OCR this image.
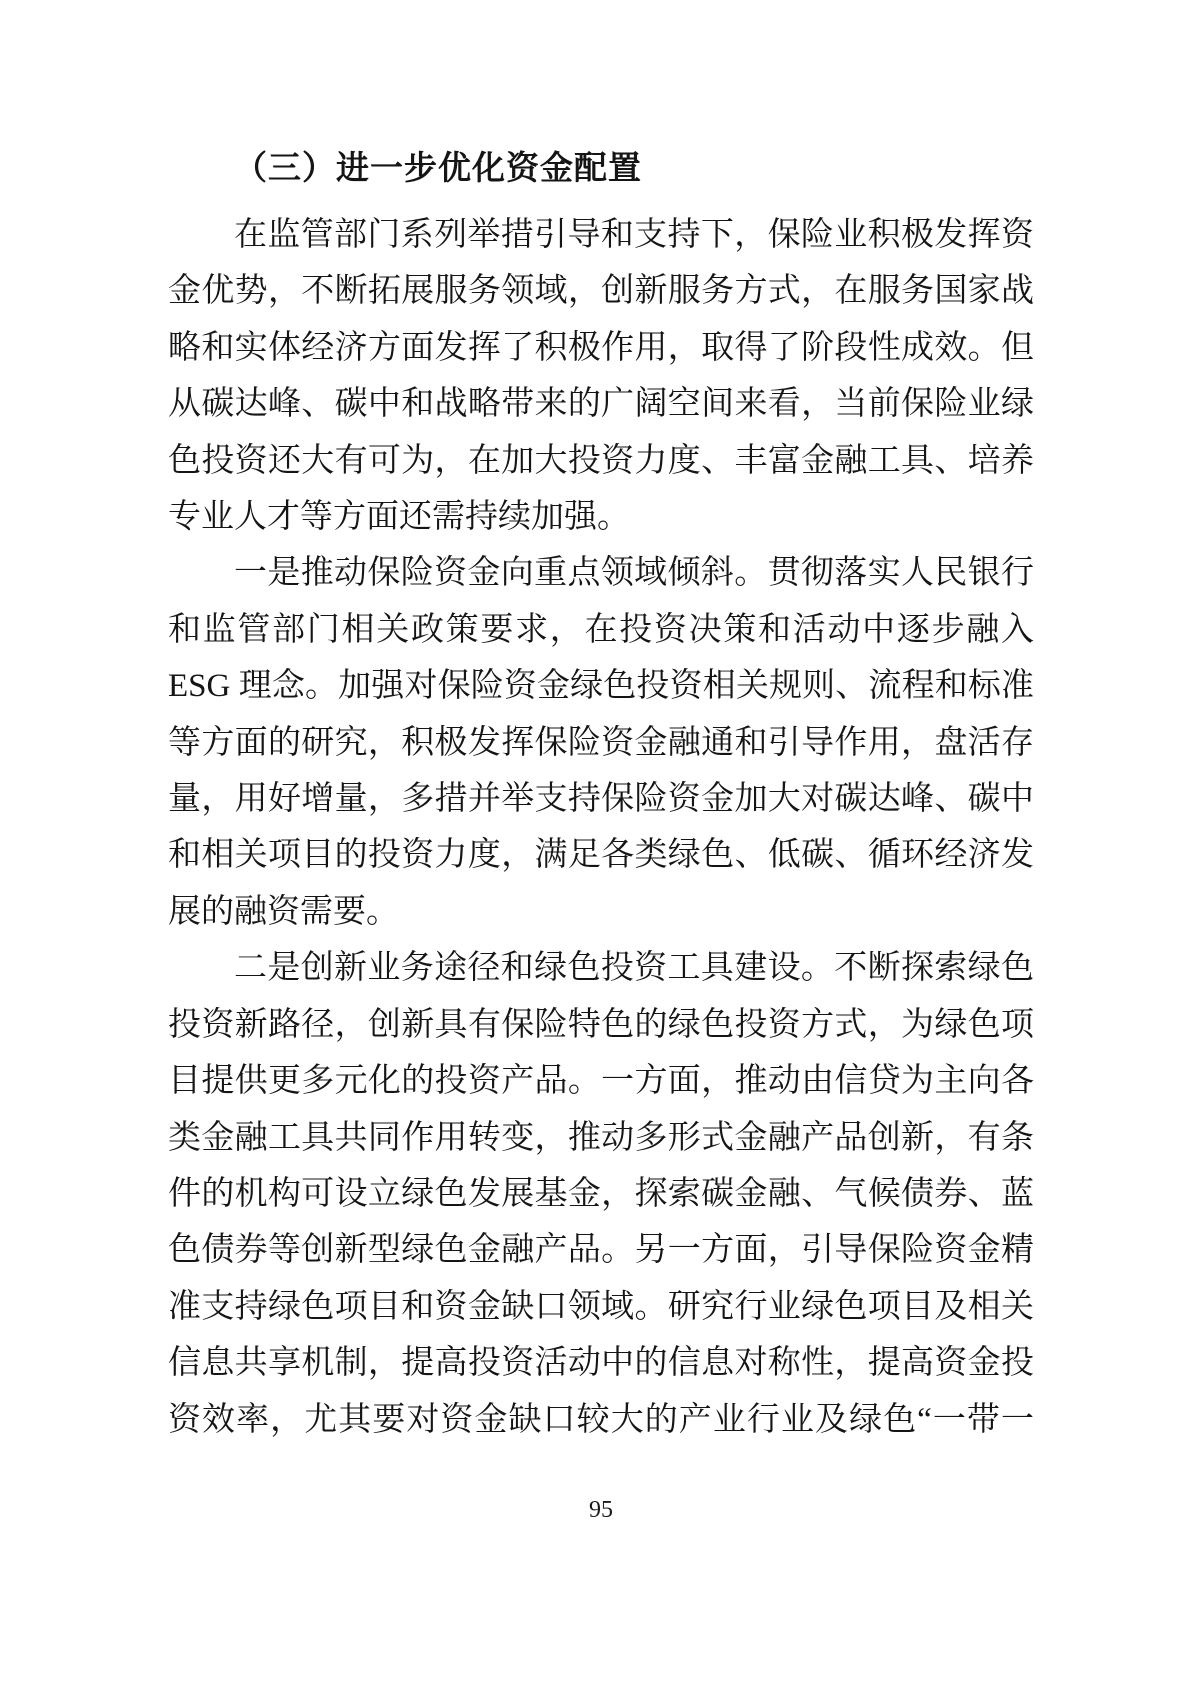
（三）进一步优化资金配置
在监管部门系列举措引导和支持下，保险业积极发挥资
金优势，不断拓展服务领域，创新服务方式，在服务国家战
略和实体经济方面发挥了积极作用，取得了阶段性成效。但
从碳达峰、碳中和战略带来的广阔空间来看，当前保险业绿
色投资还大有可为，在加大投资力度、丰富金融工具、培养
专业人才等方面还需持续加强。
一是推动保险资金向重点领域倾斜。贯彻落实人民银行
和监管部门相关政策要求，在投资决策和活动中逐步融入
ESG 理念。加强对保险资金绿色投资相关规则、流程和标准
等方面的研究，积极发挥保险资金融通和引导作用，盘活存
量，用好增量，多措并举支持保险资金加大对碳达峰、碳中
和相关项目的投资力度，满足各类绿色、低碳、循环经济发
展的融资需要。
二是创新业务途径和绿色投资工具建设。不断探索绿色
投资新路径，创新具有保险特色的绿色投资方式，为绿色项
目提供更多元化的投资产品。一方面，推动由信贷为主向各
类金融工具共同作用转变，推动多形式金融产品创新，有条
件的机构可设立绿色发展基金，探索碳金融、气候债券、蓝
色债券等创新型绿色金融产品。另一方面，引导保险资金精
准支持绿色项目和资金缺口领域。研究行业绿色项目及相关
信息共享机制，提高投资活动中的信息对称性，提高资金投
资效率，尤其要对资金缺口较大的产业行业及绿色“一带一
95
